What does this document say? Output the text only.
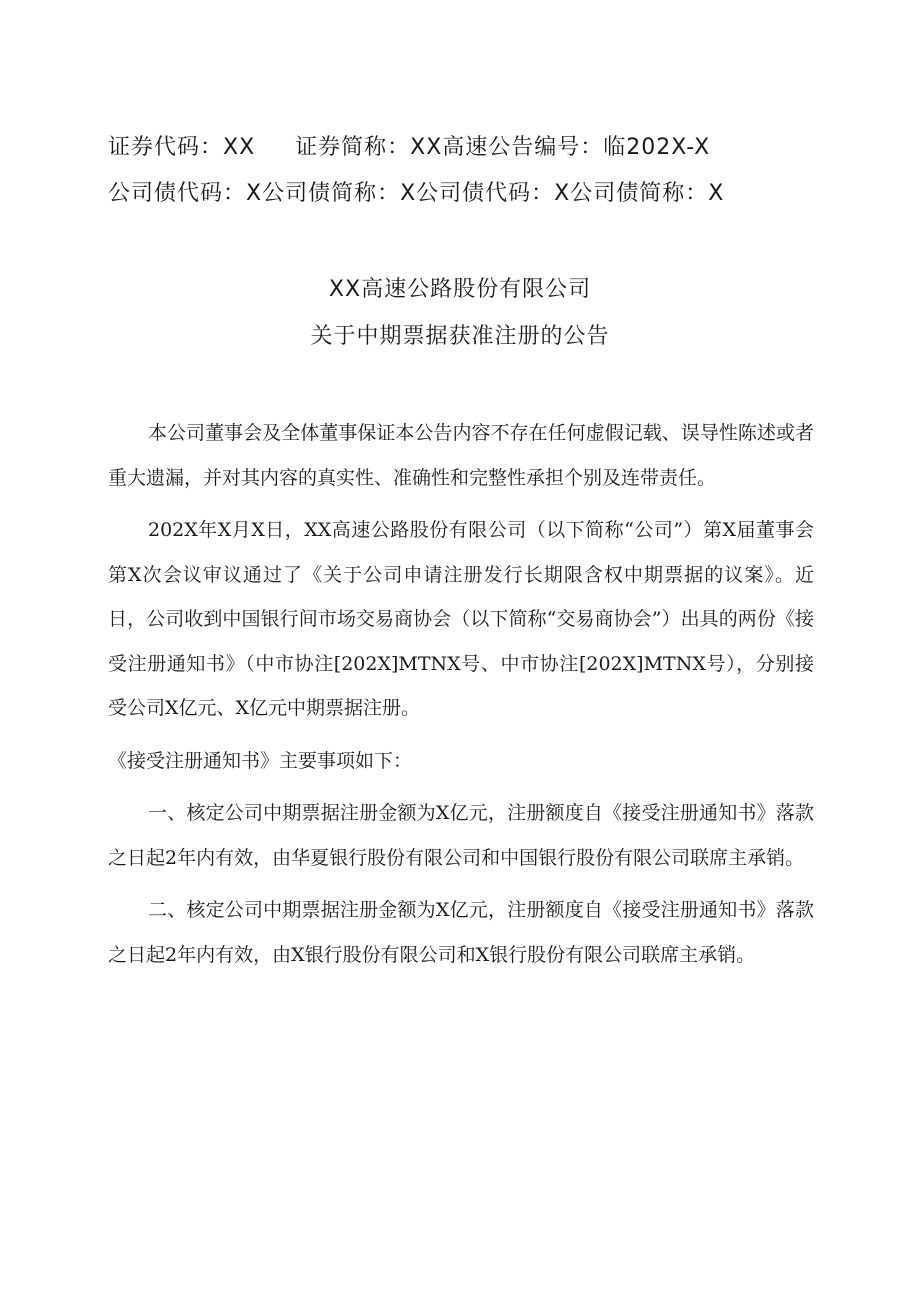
证券代码：XX 证券简称：XX高速公告编号：临202X-X
公司债代码：X公司债简称：X公司债代码：X公司债简称：X
XX高速公路股份有限公司
关于中期票据获准注册的公告

本公司董事会及全体董事保证本公告内容不存在任何虚假记载、误导性陈述或者重大遗漏，并对其内容的真实性、准确性和完整性承担个别及连带责任。

202X年X月X日，XX高速公路股份有限公司（以下简称“公司”）第X届董事会第X次会议审议通过了《关于公司申请注册发行长期限含权中期票据的议案》。近日，公司收到中国银行间市场交易商协会（以下简称“交易商协会”）出具的两份《接受注册通知书》（中市协注[202X]MTNX号、中市协注[202X]MTNX号），分别接受公司X亿元、X亿元中期票据注册。

《接受注册通知书》主要事项如下：

一、核定公司中期票据注册金额为X亿元，注册额度自《接受注册通知书》落款之日起2年内有效，由华夏银行股份有限公司和中国银行股份有限公司联席主承销。

二、核定公司中期票据注册金额为X亿元，注册额度自《接受注册通知书》落款之日起2年内有效，由X银行股份有限公司和X银行股份有限公司联席主承销。
